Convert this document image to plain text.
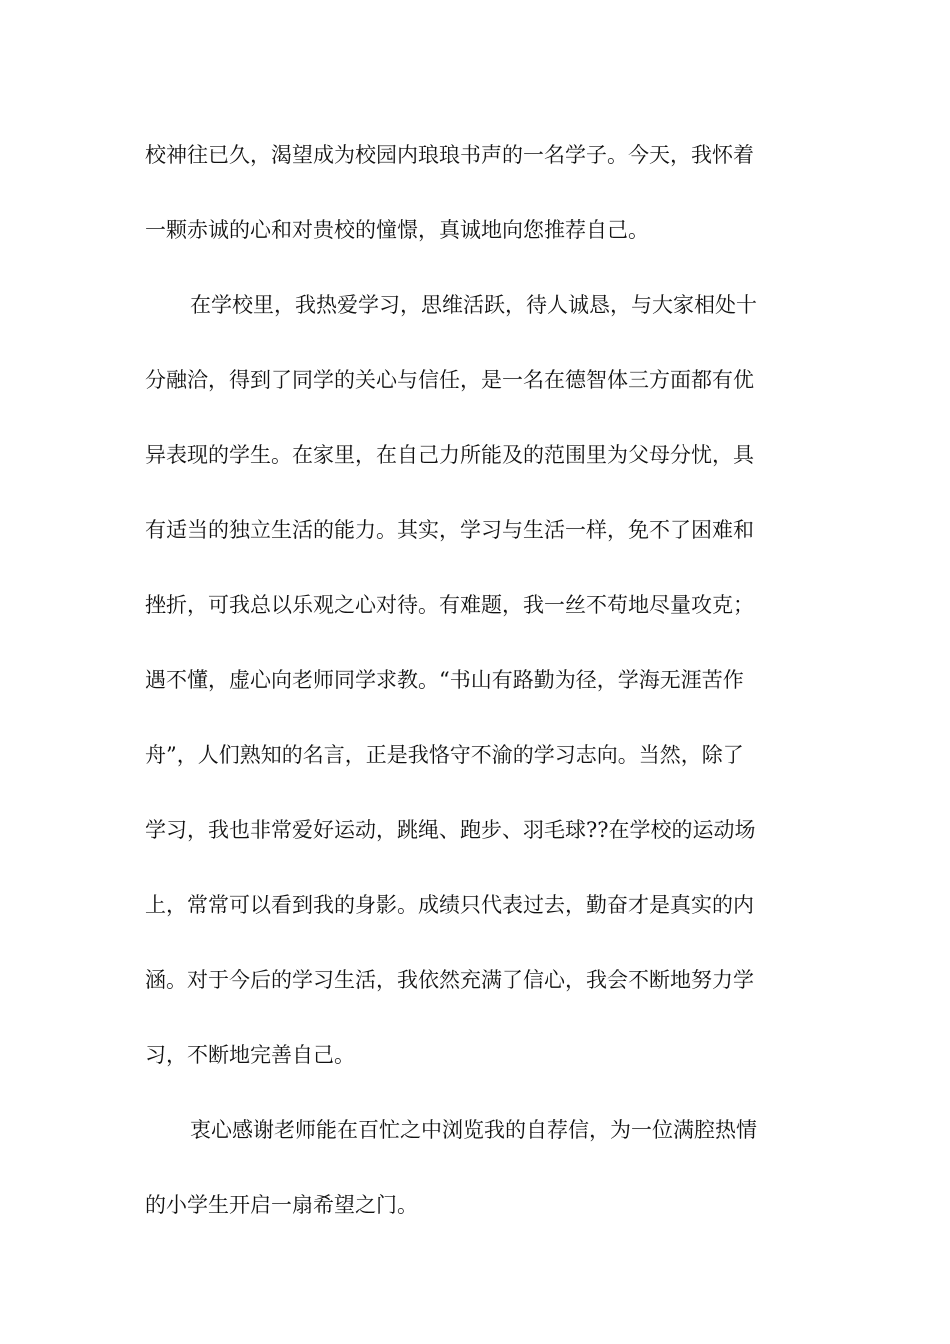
校神往已久，渴望成为校园内琅琅书声的一名学子。今天，我怀着
一颗赤诚的心和对贵校的憧憬，真诚地向您推荐自己。
在学校里，我热爱学习，思维活跃，待人诚恳，与大家相处十
分融洽，得到了同学的关心与信任，是一名在德智体三方面都有优
异表现的学生。在家里，在自己力所能及的范围里为父母分忧，具
有适当的独立生活的能力。其实，学习与生活一样，免不了困难和
挫折，可我总以乐观之心对待。有难题，我一丝不苟地尽量攻克；
遇不懂，虚心向老师同学求教。“书山有路勤为径，学海无涯苦作
舟”，人们熟知的名言，正是我恪守不渝的学习志向。当然，除了
学习，我也非常爱好运动，跳绳、跑步、羽毛球??在学校的运动场
上，常常可以看到我的身影。成绩只代表过去，勤奋才是真实的内
涵。对于今后的学习生活，我依然充满了信心，我会不断地努力学
习，不断地完善自己。
衷心感谢老师能在百忙之中浏览我的自荐信，为一位满腔热情
的小学生开启一扇希望之门。
